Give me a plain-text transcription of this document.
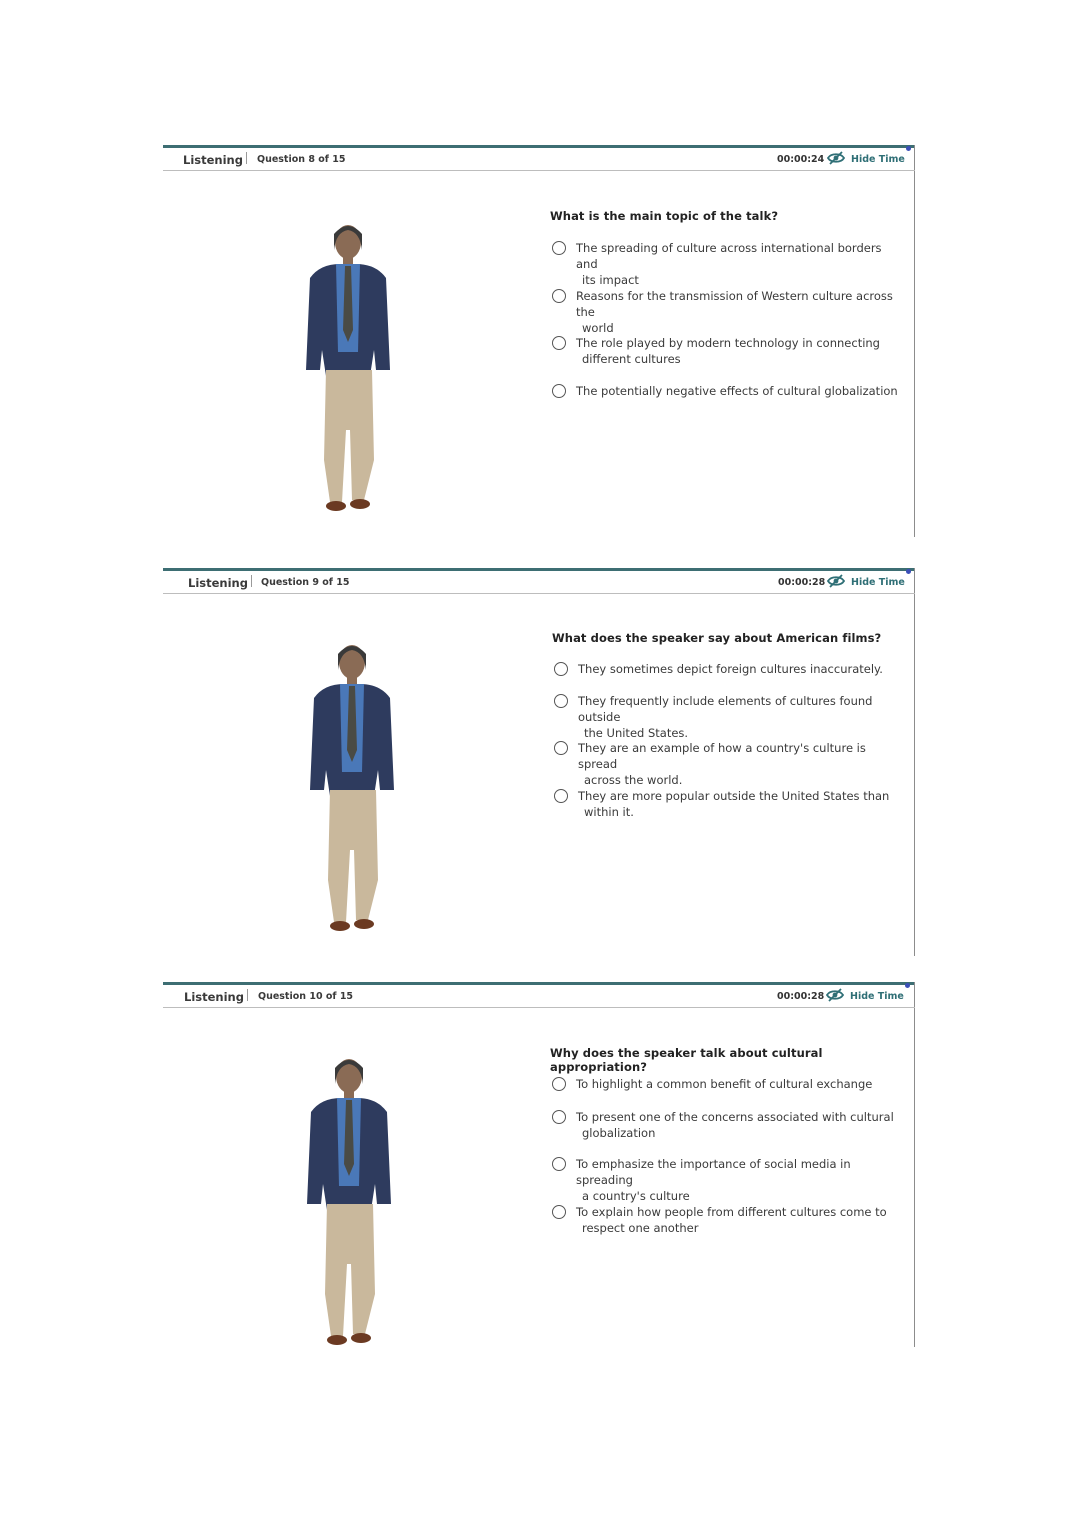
Listening Question 8 of 15	00:00:24	Hide Time
What is the main topic of the talk?
The spreading of culture across international borders and
its impact
Reasons for the transmission of Western culture across the
world
The role played by modern technology in connecting
different cultures
The potentially negative effects of cultural globalization
Listening Question 9 of 15	00:00:28	Hide Time
What does the speaker say about American films?
They sometimes depict foreign cultures inaccurately.
They frequently include elements of cultures found outside
the United States.
They are an example of how a country's culture is spread
across the world.
They are more popular outside the United States than
within it.
Listening Question 10 of 15	00:00:28	Hide Time
Why does the speaker talk about cultural appropriation?
To highlight a common benefit of cultural exchange
To present one of the concerns associated with cultural
globalization
To emphasize the importance of social media in spreading
a country's culture
To explain how people from different cultures come to
respect one another
